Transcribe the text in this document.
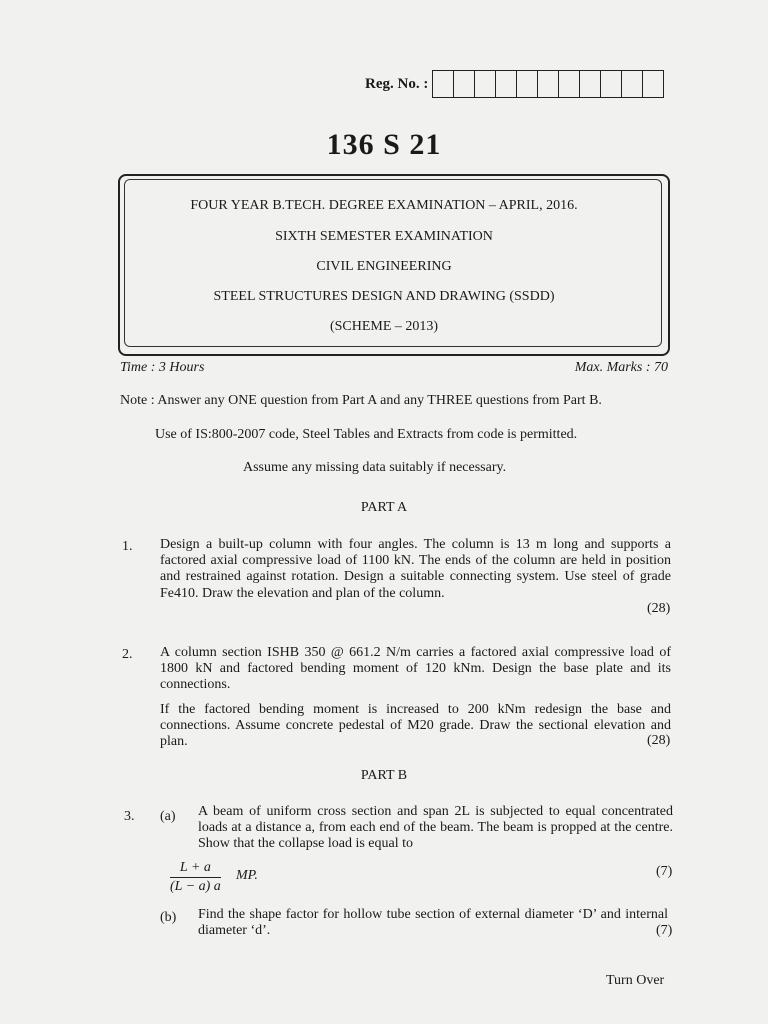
Reg. No. :
136 S 21
FOUR YEAR B.TECH. DEGREE EXAMINATION – APRIL, 2016.
SIXTH SEMESTER EXAMINATION
CIVIL ENGINEERING
STEEL STRUCTURES DESIGN AND DRAWING (SSDD)
(SCHEME – 2013)
Time : 3 Hours	Max. Marks : 70
Note : Answer any ONE question from Part A and any THREE questions from Part B.
Use of IS:800-2007 code, Steel Tables and Extracts from code is permitted.
Assume any missing data suitably if necessary.
PART A
1. Design a built-up column with four angles. The column is 13 m long and supports a factored axial compressive load of 1100 kN. The ends of the column are held in position and restrained against rotation. Design a suitable connecting system. Use steel of grade Fe410. Draw the elevation and plan of the column.
(28)
2. A column section ISHB 350 @ 661.2 N/m carries a factored axial compressive load of 1800 kN and factored bending moment of 120 kNm. Design the base plate and its connections.
If the factored bending moment is increased to 200 kNm redesign the base and connections. Assume concrete pedestal of M20 grade. Draw the sectional elevation and plan.	(28)
PART B
3. (a) A beam of uniform cross section and span 2L is subjected to equal concentrated loads at a distance a, from each end of the beam. The beam is propped at the centre. Show that the collapse load is equal to
$\frac{L + a}{(L - a) a}$ MP.	(7)
(b) Find the shape factor for hollow tube section of external diameter ‘D’ and internal diameter ‘d’.	(7)
Turn Over
